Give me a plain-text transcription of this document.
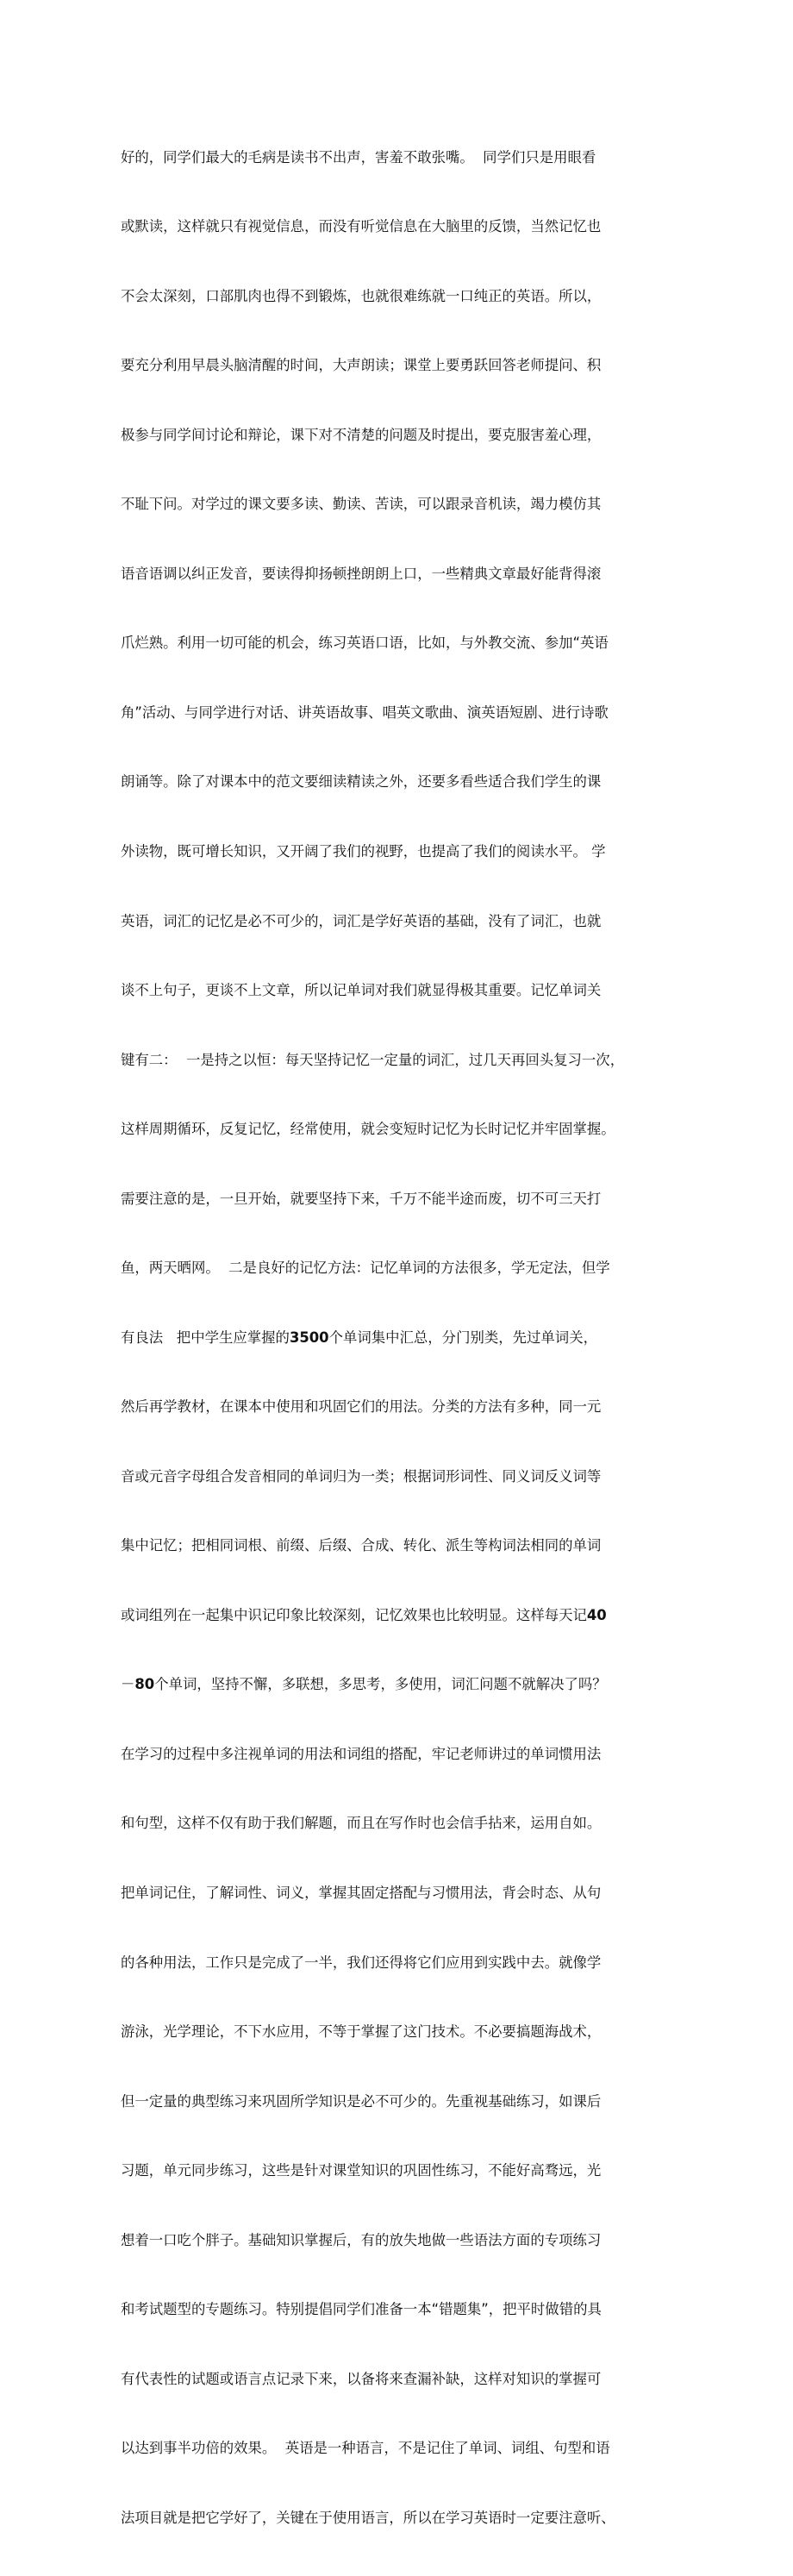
好的，同学们最大的毛病是读书不出声，害羞不敢张嘴。  同学们只是用眼看

或默读，这样就只有视觉信息，而没有听觉信息在大脑里的反馈，当然记忆也

不会太深刻，口部肌肉也得不到锻炼，也就很难练就一口纯正的英语。所以，

要充分利用早晨头脑清醒的时间，大声朗读；课堂上要勇跃回答老师提问、积

极参与同学间讨论和辩论，课下对不清楚的问题及时提出，要克服害羞心理，

不耻下问。对学过的课文要多读、勤读、苦读，可以跟录音机读，竭力模仿其

语音语调以纠正发音，要读得抑扬顿挫朗朗上口，一些精典文章最好能背得滚

爪烂熟。利用一切可能的机会，练习英语口语，比如，与外教交流、参加“英语

角”活动、与同学进行对话、讲英语故事、唱英文歌曲、演英语短剧、进行诗歌

朗诵等。除了对课本中的范文要细读精读之外，还要多看些适合我们学生的课

外读物，既可增长知识，又开阔了我们的视野，也提高了我们的阅读水平。 学

英语，词汇的记忆是必不可少的，词汇是学好英语的基础，没有了词汇，也就

谈不上句子，更谈不上文章，所以记单词对我们就显得极其重要。记忆单词关

键有二：  一是持之以恒：每天坚持记忆一定量的词汇，过几天再回头复习一次，

这样周期循环，反复记忆，经常使用，就会变短时记忆为长时记忆并牢固掌握。

需要注意的是，一旦开始，就要坚持下来，千万不能半途而废，切不可三天打

鱼，两天晒网。  二是良好的记忆方法：记忆单词的方法很多，学无定法，但学

有良法   把中学生应掌握的3500个单词集中汇总，分门别类，先过单词关，

然后再学教材，在课本中使用和巩固它们的用法。分类的方法有多种，同一元

音或元音字母组合发音相同的单词归为一类；根据词形词性、同义词反义词等

集中记忆；把相同词根、前缀、后缀、合成、转化、派生等构词法相同的单词

或词组列在一起集中识记印象比较深刻，记忆效果也比较明显。这样每天记40

－80个单词，坚持不懈，多联想，多思考，多使用，词汇问题不就解决了吗？

在学习的过程中多注视单词的用法和词组的搭配，牢记老师讲过的单词惯用法

和句型，这样不仅有助于我们解题，而且在写作时也会信手拈来，运用自如。

把单词记住，了解词性、词义，掌握其固定搭配与习惯用法，背会时态、从句

的各种用法，工作只是完成了一半，我们还得将它们应用到实践中去。就像学

游泳，光学理论，不下水应用，不等于掌握了这门技术。不必要搞题海战术，

但一定量的典型练习来巩固所学知识是必不可少的。先重视基础练习，如课后

习题，单元同步练习，这些是针对课堂知识的巩固性练习，不能好高骛远，光

想着一口吃个胖子。基础知识掌握后，有的放失地做一些语法方面的专项练习

和考试题型的专题练习。特别提倡同学们准备一本“错题集”，把平时做错的具

有代表性的试题或语言点记录下来，以备将来查漏补缺，这样对知识的掌握可

以达到事半功倍的效果。  英语是一种语言，不是记住了单词、词组、句型和语

法项目就是把它学好了，关键在于使用语言，所以在学习英语时一定要注意听、
